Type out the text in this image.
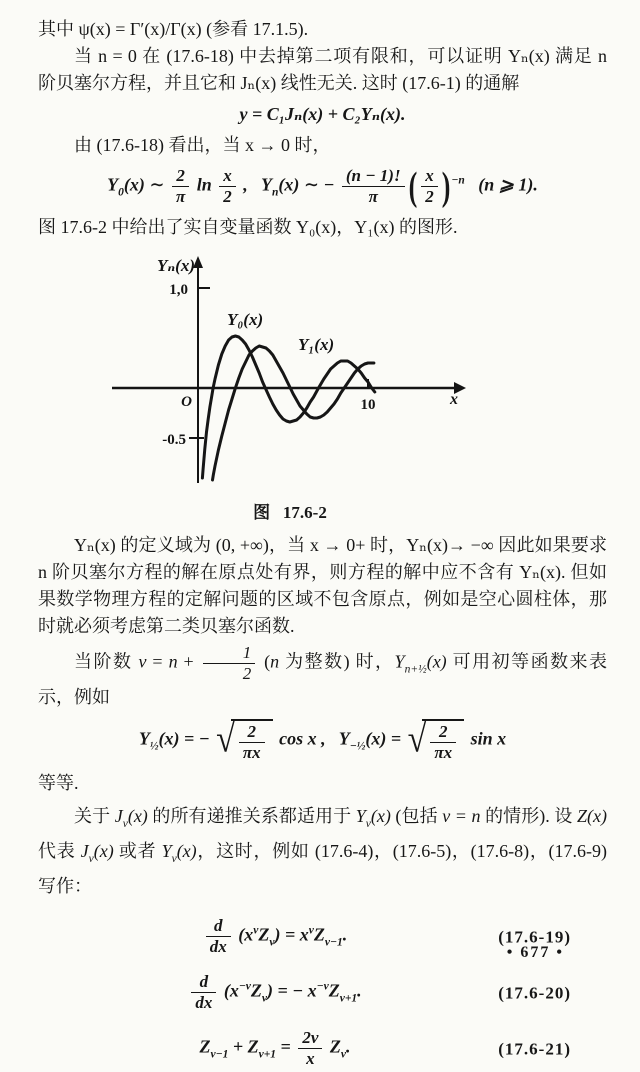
其中 ψ(x) = Γ′(x)/Γ(x) (参看 17.1.5).

当 n = 0 在 (17.6-18) 中去掉第二项有限和，可以证明 Yₙ(x) 满足 n 阶贝塞尔方程，并且它和 Jₙ(x) 线性无关. 这时 (17.6-1) 的通解

y = C₁Jₙ(x) + C₂Yₙ(x).

由 (17.6-18) 看出，当 x → 0 时，

$Y_0(x)$ ∼ $\frac{2}{\pi}$ $\ln \frac{x}{2}$ ,   $Y_n(x)$ ∼ − $\frac{(n - 1)!}{\pi}$ ( $\frac{x}{2} )^{-n}$   (n ⩾ 1).

图 17.6-2 中给出了实自变量函数 Y₀(x)，Y₁(x) 的图形.

Yₙ(x)
1,0
-0.5
O	10	x
Y₀(x)
Y₁(x)
图   17.6-2

Yₙ(x) 的定义域为 (0, +∞)，当 x → 0+ 时，Yₙ(x)→ −∞ 因此如果要求 n 阶贝塞尔方程的解在原点处有界，则方程的解中应不含有 Yₙ(x). 但如果数学物理方程的定解问题的区域不包含原点，例如是空心圆柱体，那时就必须考虑第二类贝塞尔函数.

当阶数 $\nu = n + \frac{1}{2} (n$ 为整数) 时，$Y_{n+\frac{1}{2}}(x)$ 可用初等函数来表示，例如

$Y_{\frac{1}{2}}(x)$ = − √ $\frac{2}{\pi x}$ cos x ,   $Y_{-\frac{1}{2}}(x)$ = √ $\frac{2}{\pi x}$ sin x

等等.

关于 $J_\nu(x)$ 的所有递推关系都适用于 $Y_\nu(x)$ (包括 ν = n 的情形). 设 Z(x) 代表 $J_\nu(x)$ 或者 $Y_\nu(x)$，这时，例如 (17.6-4)，(17.6-5)，(17.6-8)，(17.6-9) 写作：

$\frac{d}{dx} (x^\nu Z_\nu) = x^\nu Z_{\nu-1}$.	(17.6-19)
$\frac{d}{dx} (x^{-\nu}Z_\nu)$ = − $x^{-\nu}Z_{\nu+1}$.	(17.6-20)
$Z_{\nu-1} + Z_{\nu+1} = \frac{2\nu}{x} Z_\nu$.	(17.6-21)
• 677 •
